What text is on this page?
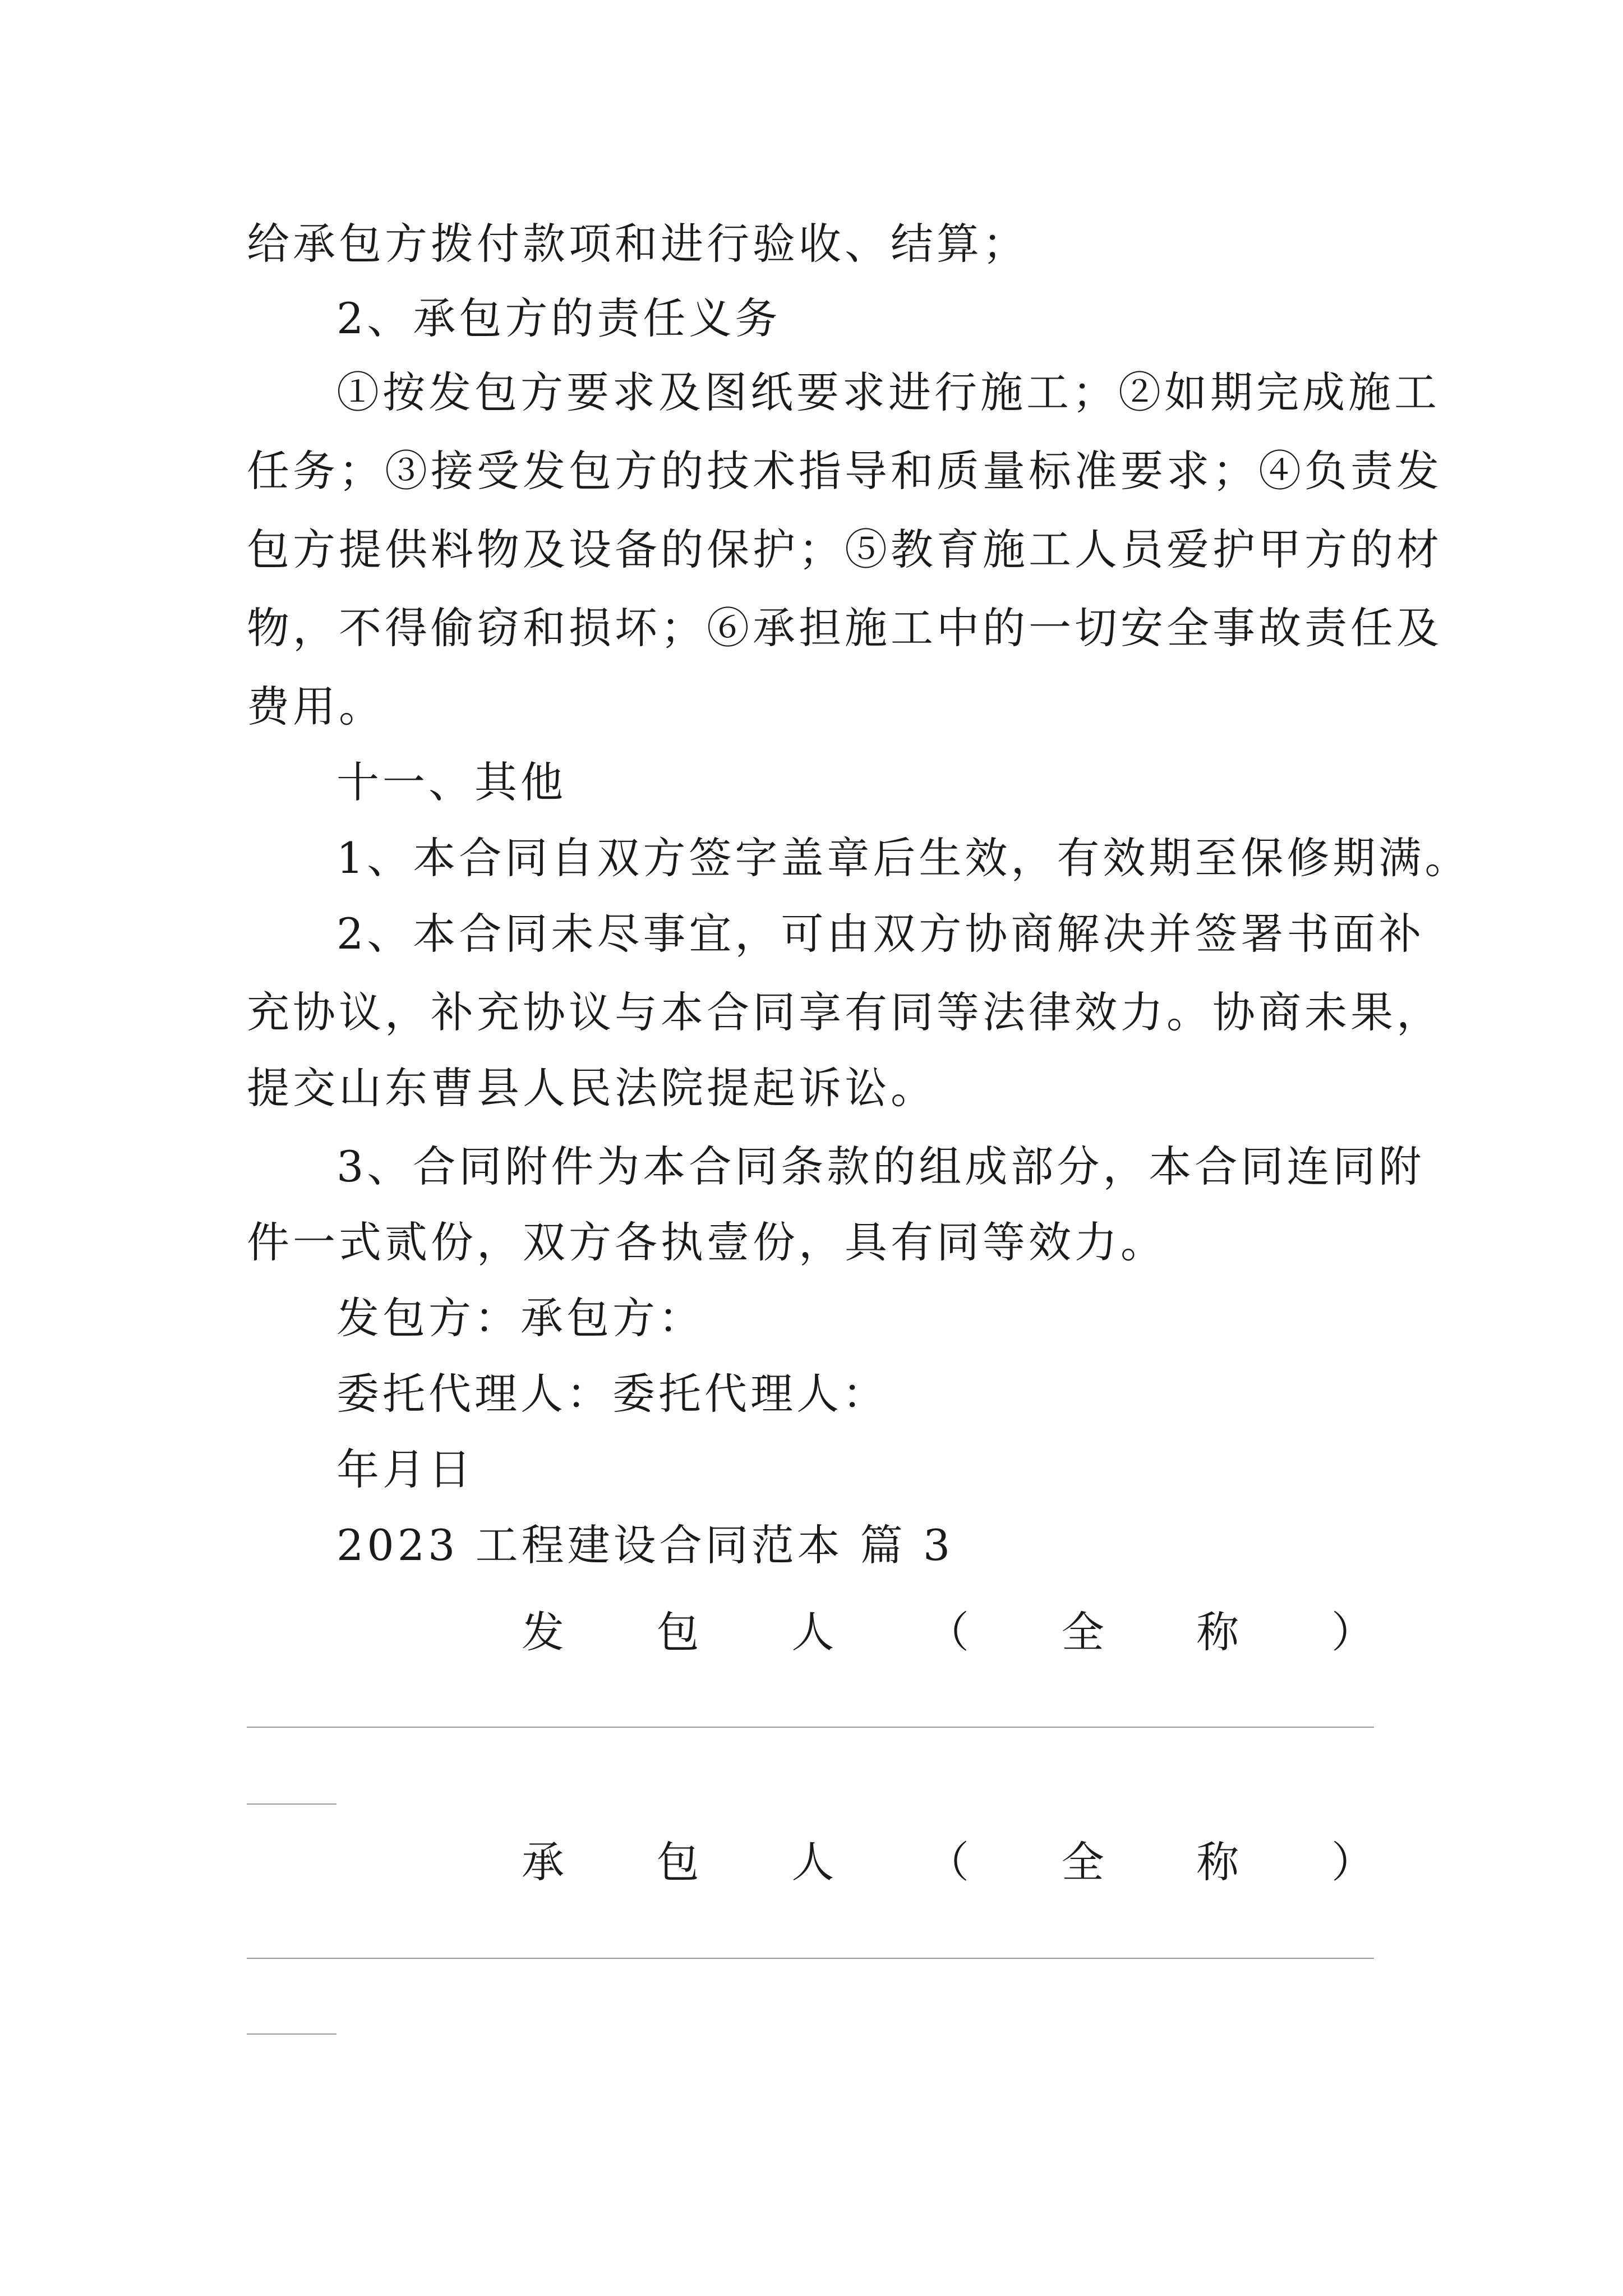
给承包方拨付款项和进行验收、结算；
2、承包方的责任义务
①按发包方要求及图纸要求进行施工；②如期完成施工
任务；③接受发包方的技术指导和质量标准要求；④负责发
包方提供料物及设备的保护；⑤教育施工人员爱护甲方的材
物，不得偷窃和损坏；⑥承担施工中的一切安全事故责任及
费用。
十一、其他
1、本合同自双方签字盖章后生效，有效期至保修期满。
2、本合同未尽事宜，可由双方协商解决并签署书面补
充协议，补充协议与本合同享有同等法律效力。协商未果，
提交山东曹县人民法院提起诉讼。
3、合同附件为本合同条款的组成部分，本合同连同附
件一式贰份，双方各执壹份，具有同等效力。
发包方：承包方：
委托代理人：委托代理人：
年月日
2023 工程建设合同范本 篇 3
发 包 人 （ 全 称 ）
承 包 人 （ 全 称 ）
